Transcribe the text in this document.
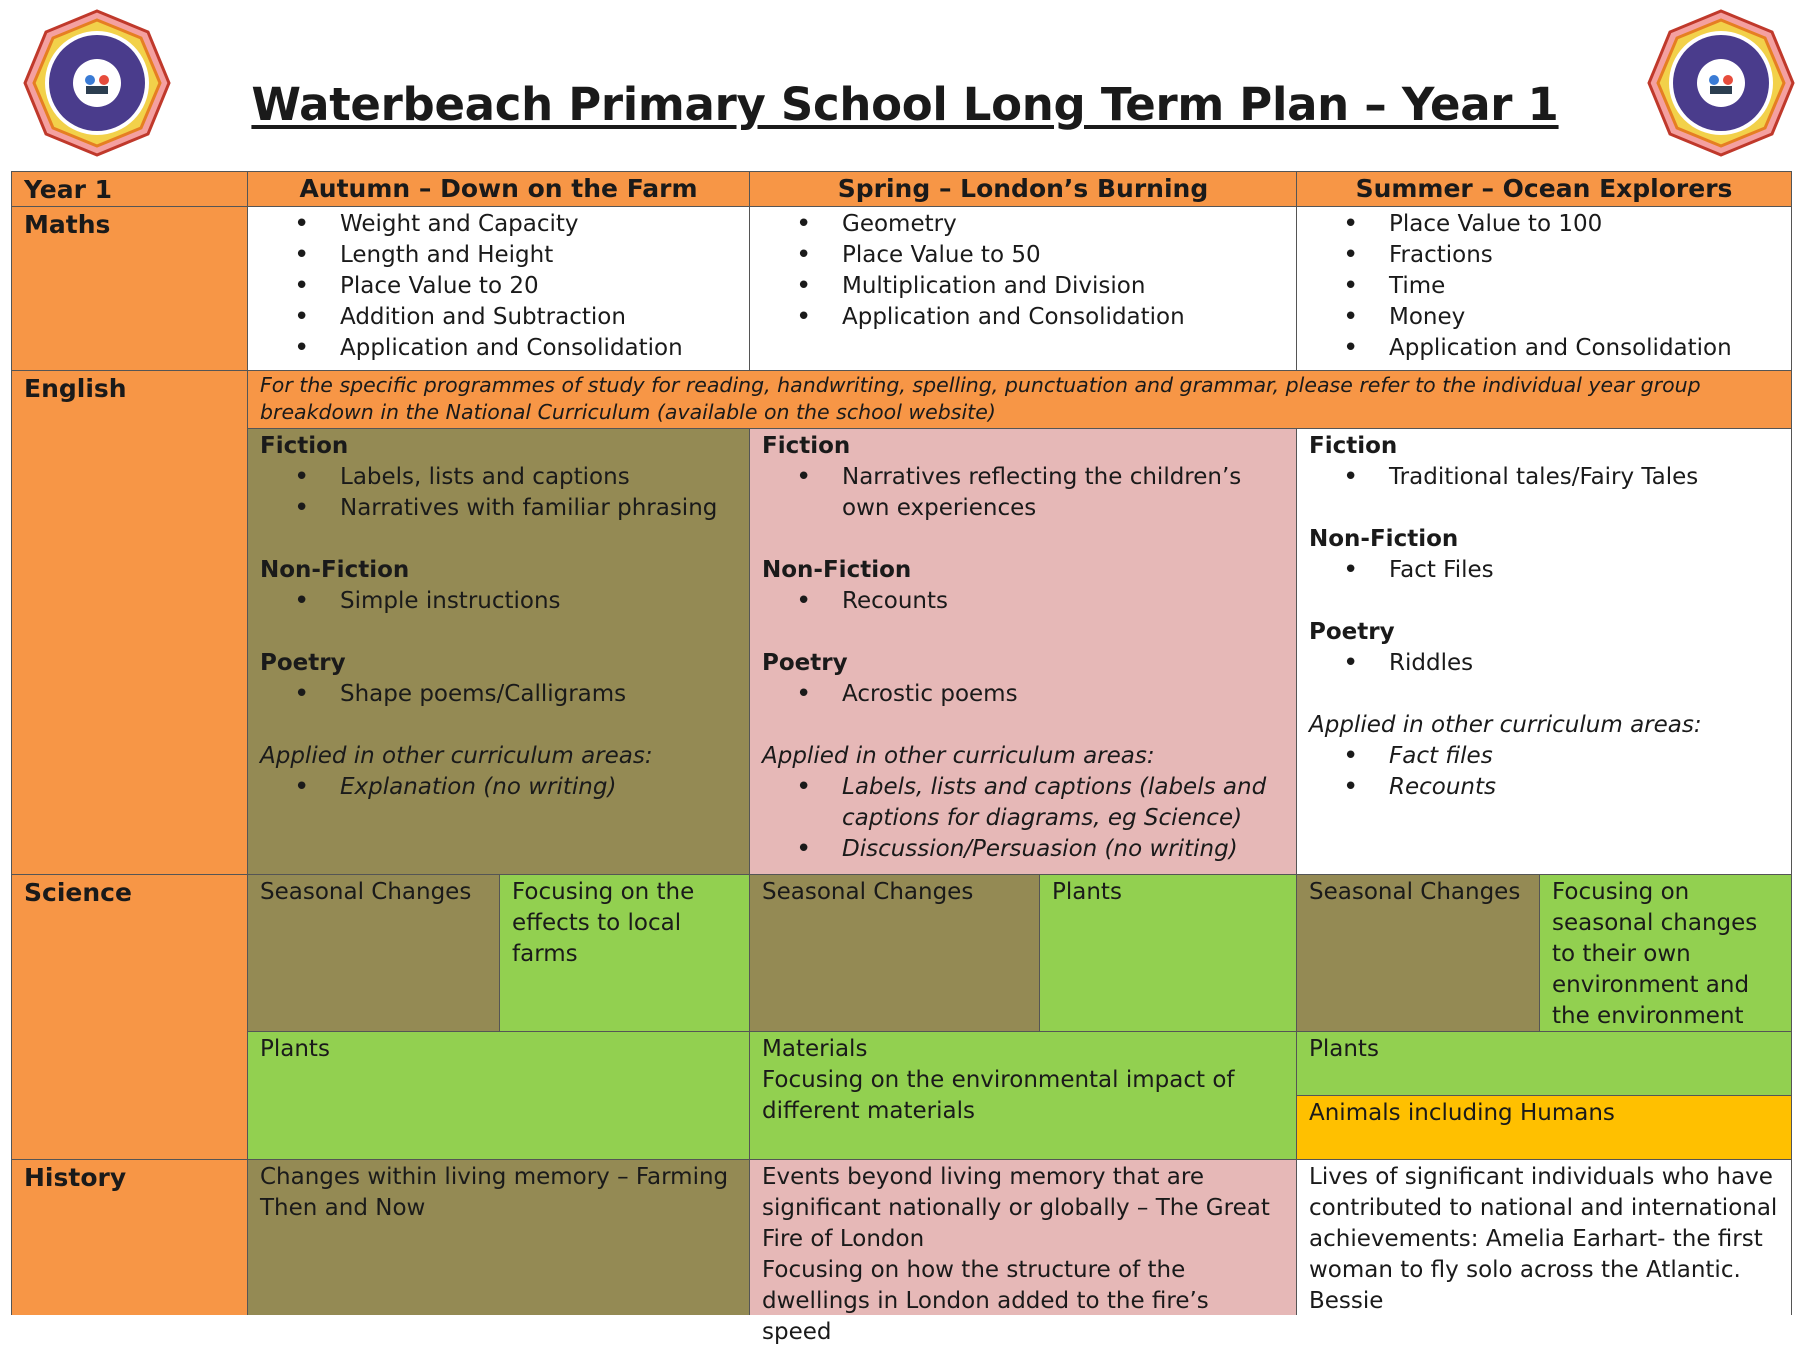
Waterbeach Primary School Long Term Plan – Year 1
Year 1	Autumn – Down on the Farm	Spring – London’s Burning	Summer – Ocean Explorers
Maths
•	Weight and Capacity
• Length and Height
• Place Value to 20
• Addition and Subtraction
• Application and Consolidation
• Geometry
• Place Value to 50
• Multiplication and Division
• Application and Consolidation
• Place Value to 100
• Fractions
• Time
• Money
• Application and Consolidation
English	For the specific programmes of study for reading, handwriting, spelling, punctuation and grammar, please refer to the individual year group breakdown in the National Curriculum (available on the school website)
Fiction
• Labels, lists and captions
• Narratives with familiar phrasing
Non-Fiction
• Simple instructions
Poetry
• Shape poems/Calligrams
Applied in other curriculum areas:
• Explanation (no writing)
Fiction
• Narratives reflecting the children’s own experiences
Non-Fiction
• Recounts
Poetry
• Acrostic poems
Applied in other curriculum areas:
• Labels, lists and captions (labels and captions for diagrams, eg Science)
• Discussion/Persuasion (no writing)
Fiction
• Traditional tales/Fairy Tales
Non-Fiction
• Fact Files
Poetry
• Riddles
Applied in other curriculum areas:
• Fact files
• Recounts
Science	Seasonal Changes	Focusing on the effects to local farms
Seasonal Changes	Plants	Seasonal Changes	Focusing on seasonal changes to their own environment and the environment
Plants	Materials
Focusing on the environmental impact of different materials
Plants
Animals including Humans
History	Changes within living memory – Farming Then and Now
Events beyond living memory that are significant nationally or globally – The Great Fire of London
Focusing on how the structure of the dwellings in London added to the fire’s speed
Lives of significant individuals who have contributed to national and international achievements: Amelia Earhart- the first woman to fly solo across the Atlantic. Bessie
